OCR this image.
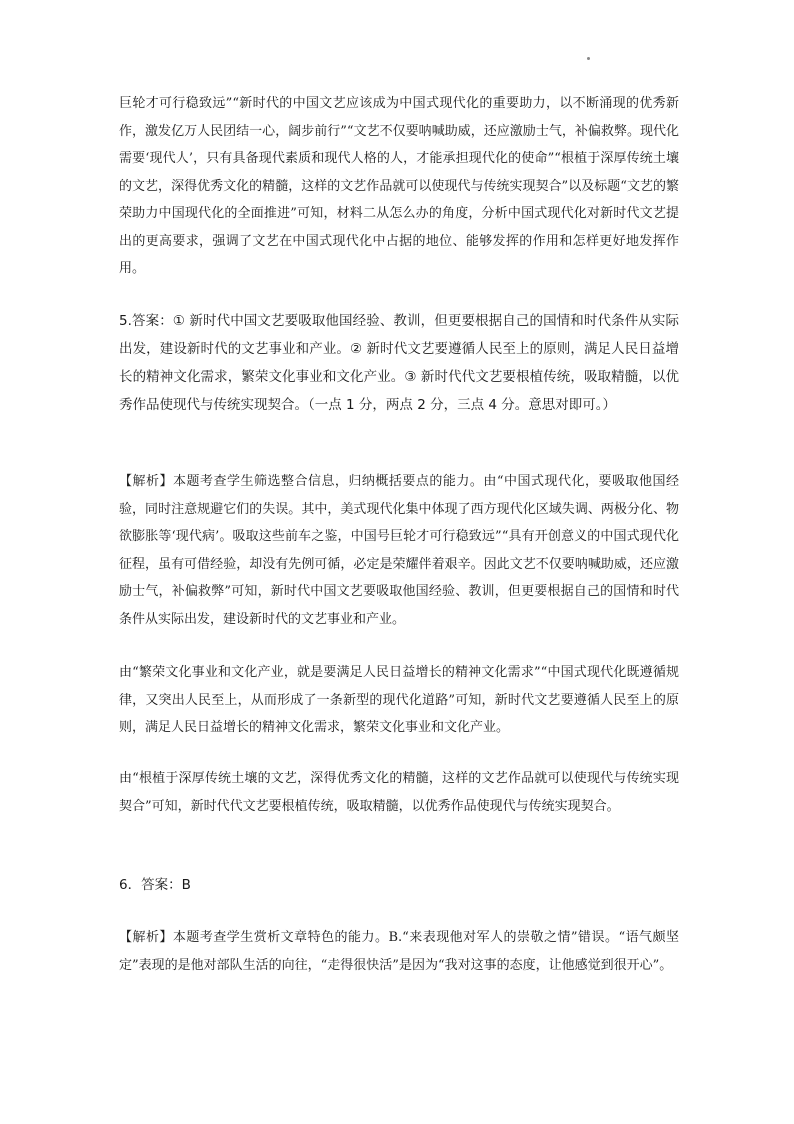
巨轮才可行稳致远”“新时代的中国文艺应该成为中国式现代化的重要助力，以不断涌现的优秀新作，激发亿万人民团结一心，阔步前行”“文艺不仅要呐喊助威，还应激励士气，补偏救弊。现代化需要‘现代人’，只有具备现代素质和现代人格的人，才能承担现代化的使命”“根植于深厚传统土壤的文艺，深得优秀文化的精髓，这样的文艺作品就可以使现代与传统实现契合”以及标题“文艺的繁荣助力中国现代化的全面推进”可知，材料二从怎么办的角度，分析中国式现代化对新时代文艺提出的更高要求，强调了文艺在中国式现代化中占据的地位、能够发挥的作用和怎样更好地发挥作用。

5.答案：① 新时代中国文艺要吸取他国经验、教训，但更要根据自己的国情和时代条件从实际出发，建设新时代的文艺事业和产业。② 新时代文艺要遵循人民至上的原则，满足人民日益增长的精神文化需求，繁荣文化事业和文化产业。③ 新时代代文艺要根植传统，吸取精髓，以优秀作品使现代与传统实现契合。（一点 1 分，两点 2 分，三点 4 分。意思对即可。）

【解析】本题考查学生筛选整合信息，归纳概括要点的能力。由“中国式现代化，要吸取他国经验，同时注意规避它们的失误。其中，美式现代化集中体现了西方现代化区域失调、两极分化、物欲膨胀等‘现代病’。吸取这些前车之鉴，中国号巨轮才可行稳致远”“具有开创意义的中国式现代化征程，虽有可借经验，却没有先例可循，必定是荣耀伴着艰辛。因此文艺不仅要呐喊助威，还应激励士气，补偏救弊”可知，新时代中国文艺要吸取他国经验、教训，但更要根据自己的国情和时代条件从实际出发，建设新时代的文艺事业和产业。

由“繁荣文化事业和文化产业，就是要满足人民日益增长的精神文化需求”“中国式现代化既遵循规律，又突出人民至上，从而形成了一条新型的现代化道路”可知，新时代文艺要遵循人民至上的原则，满足人民日益增长的精神文化需求，繁荣文化事业和文化产业。

由“根植于深厚传统土壤的文艺，深得优秀文化的精髓，这样的文艺作品就可以使现代与传统实现契合”可知，新时代代文艺要根植传统，吸取精髓，以优秀作品使现代与传统实现契合。

6．答案：B

【解析】本题考查学生赏析文章特色的能力。B.“来表现他对军人的崇敬之情”错误。“语气颇坚定”表现的是他对部队生活的向往，“走得很快活”是因为“我对这事的态度，让他感觉到很开心”。
